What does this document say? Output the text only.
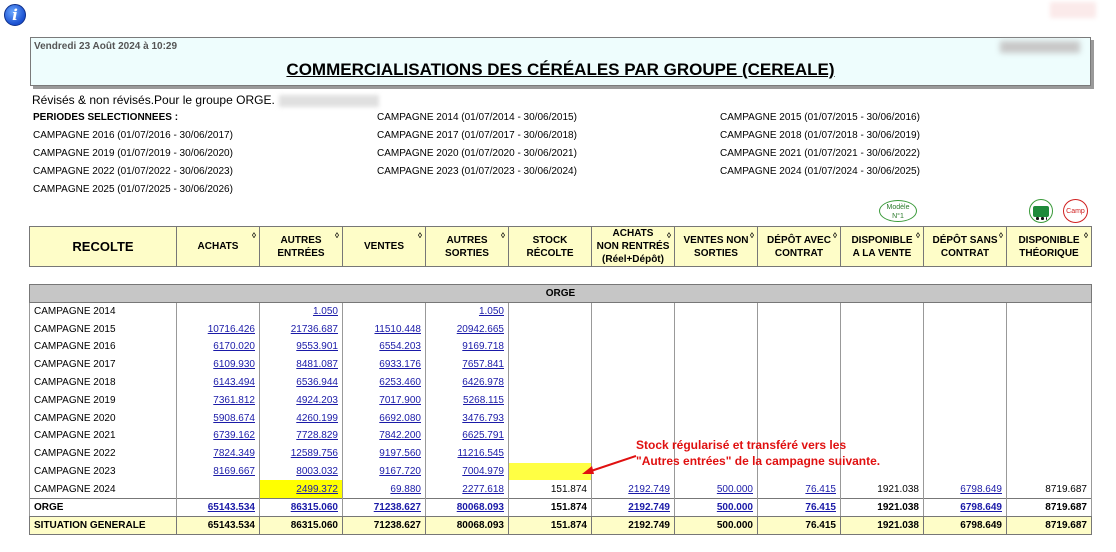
i
Vendredi 23 Août 2024 à 10:29
COMMERCIALISATIONS DES CÉRÉALES PAR GROUPE (CEREALE)
Révisés & non révisés.Pour le groupe ORGE.
PERIODES SELECTIONNEES :	CAMPAGNE 2014 (01/07/2014 - 30/06/2015)	CAMPAGNE 2015 (01/07/2015 - 30/06/2016)
CAMPAGNE 2016 (01/07/2016 - 30/06/2017)	CAMPAGNE 2017 (01/07/2017 - 30/06/2018)	CAMPAGNE 2018 (01/07/2018 - 30/06/2019)
CAMPAGNE 2019 (01/07/2019 - 30/06/2020)	CAMPAGNE 2020 (01/07/2020 - 30/06/2021)	CAMPAGNE 2021 (01/07/2021 - 30/06/2022)
CAMPAGNE 2022 (01/07/2022 - 30/06/2023)	CAMPAGNE 2023 (01/07/2023 - 30/06/2024)	CAMPAGNE 2024 (01/07/2024 - 30/06/2025)
CAMPAGNE 2025 (01/07/2025 - 30/06/2026)
Modèle N°1
Camp
RECOLTE	◊
ACHATS	◊
AUTRES
ENTRÉES	◊
VENTES	◊
AUTRES
SORTIES	STOCK
RÉCOLTE	◊
ACHATS
NON RENTRÉS
(Réel+Dépôt)	◊
VENTES NON
SORTIES	◊
DÉPÔT AVEC
CONTRAT	◊
DISPONIBLE
A LA VENTE	◊
DÉPÔT SANS
CONTRAT	◊
DISPONIBLE
THÉORIQUE

ORGE											
CAMPAGNE 2014		1.050		1.050							
CAMPAGNE 2015	10716.426	21736.687	11510.448	20942.665							
CAMPAGNE 2016	6170.020	9553.901	6554.203	9169.718							
CAMPAGNE 2017	6109.930	8481.087	6933.176	7657.841							
CAMPAGNE 2018	6143.494	6536.944	6253.460	6426.978							
CAMPAGNE 2019	7361.812	4924.203	7017.900	5268.115							
CAMPAGNE 2020	5908.674	4260.199	6692.080	3476.793							
CAMPAGNE 2021	6739.162	7728.829	7842.200	6625.791							
CAMPAGNE 2022	7824.349	12589.756	9197.560	11216.545							
CAMPAGNE 2023	8169.667	8003.032	9167.720	7004.979							
CAMPAGNE 2024		2499.372	69.880	2277.618	151.874	2192.749	500.000	76.415	1921.038	6798.649	8719.687
ORGE	65143.534	86315.060	71238.627	80068.093	151.874	2192.749	500.000	76.415	1921.038	6798.649	8719.687
SITUATION GENERALE	65143.534	86315.060	71238.627	80068.093	151.874	2192.749	500.000	76.415	1921.038	6798.649	8719.687
Stock régularisé et transféré vers les
"Autres entrées" de la campagne suivante.
